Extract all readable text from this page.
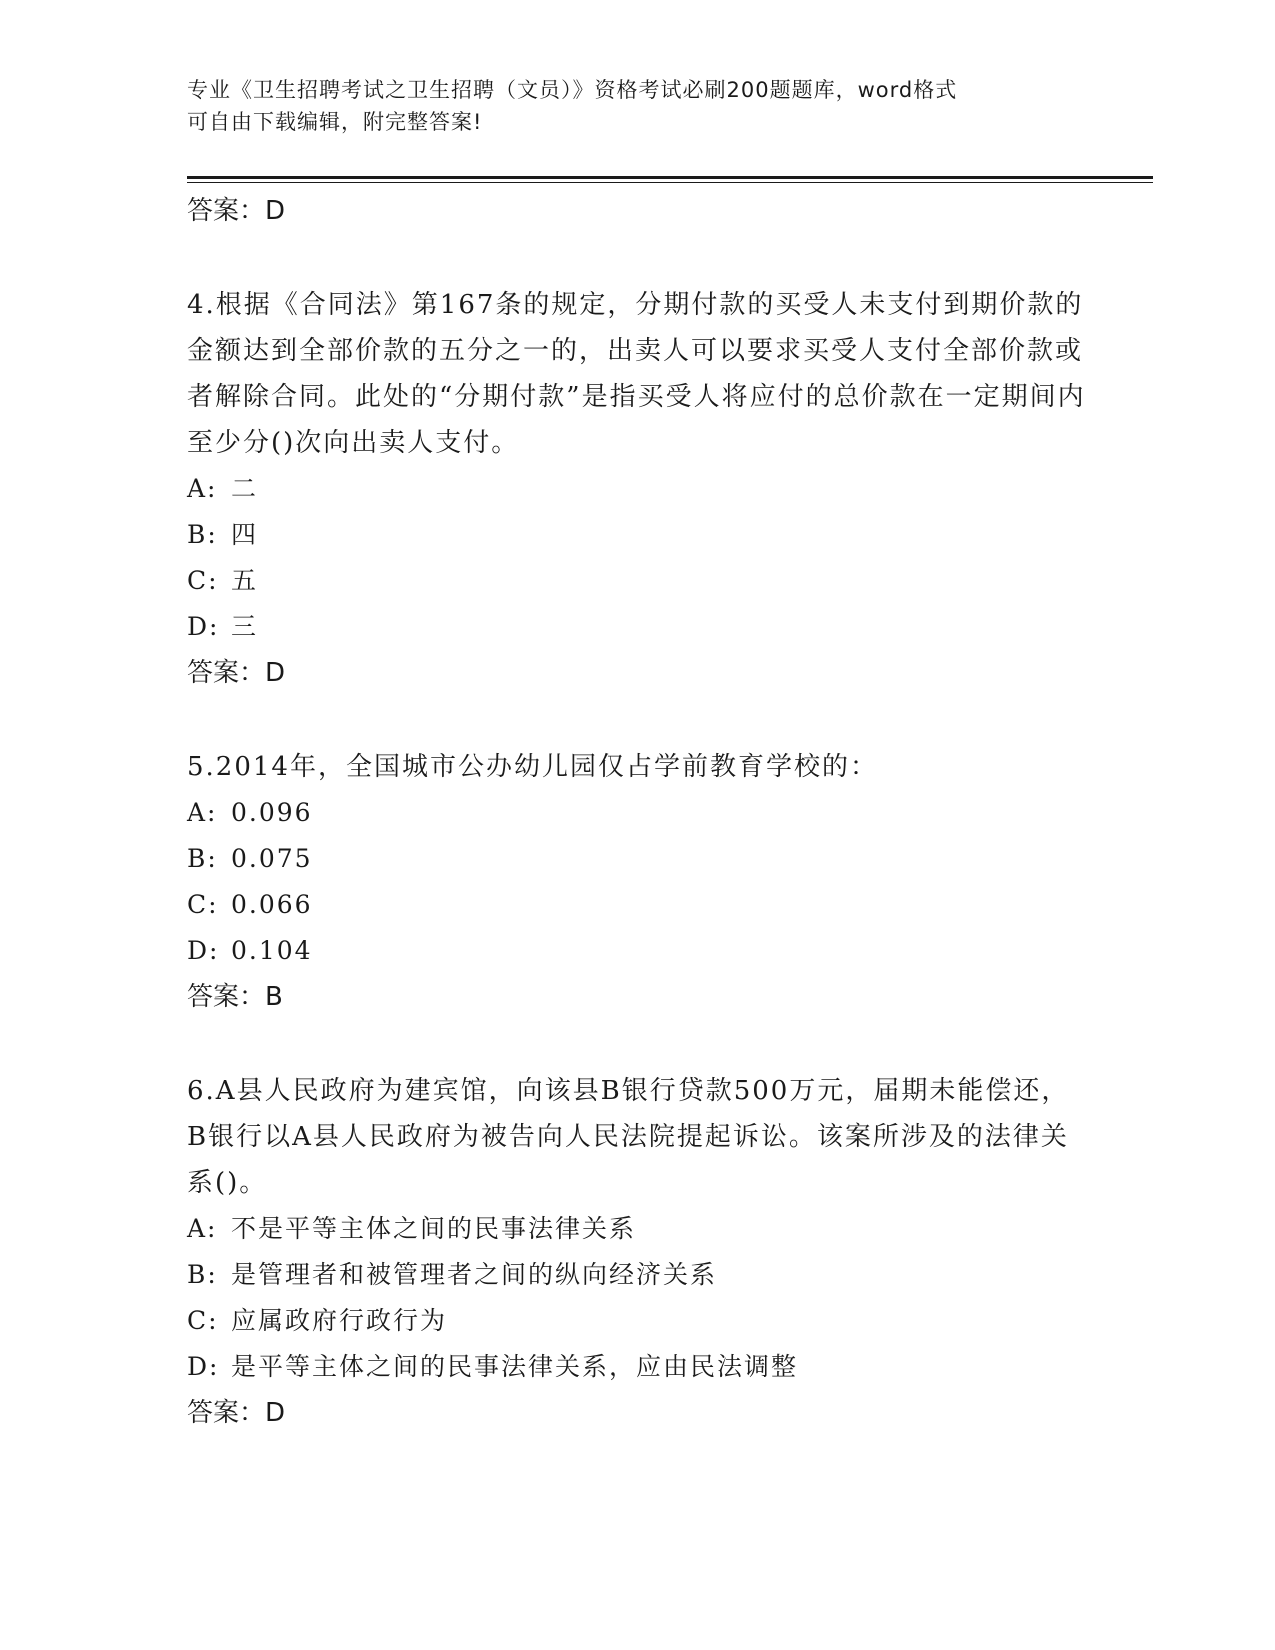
专业《卫生招聘考试之卫生招聘（文员）》资格考试必刷200题题库，word格式
可自由下载编辑，附完整答案!
答案：D
4.根据《合同法》第167条的规定，分期付款的买受人未支付到期价款的金额达到全部价款的五分之一的，出卖人可以要求买受人支付全部价款或者解除合同。此处的“分期付款”是指买受人将应付的总价款在一定期间内至少分()次向出卖人支付。
A: 二
B: 四
C: 五
D: 三
答案：D
5.2014年，全国城市公办幼儿园仅占学前教育学校的：
A: 0.096
B: 0.075
C: 0.066
D: 0.104
答案：B
6.A县人民政府为建宾馆，向该县B银行贷款500万元，届期未能偿还，B银行以A县人民政府为被告向人民法院提起诉讼。该案所涉及的法律关系()。
A: 不是平等主体之间的民事法律关系
B: 是管理者和被管理者之间的纵向经济关系
C: 应属政府行政行为
D: 是平等主体之间的民事法律关系，应由民法调整
答案：D
